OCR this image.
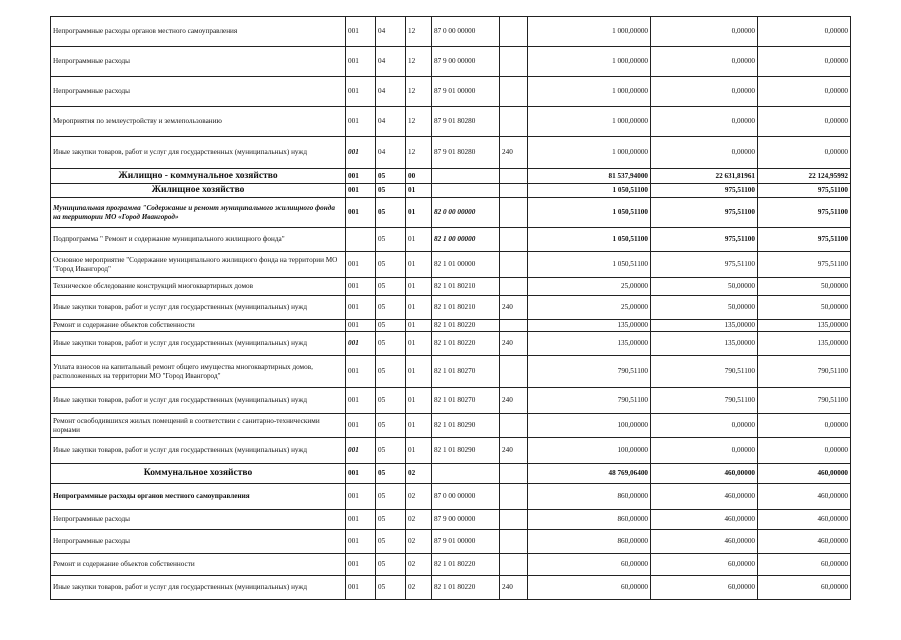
Непрограммные расходы органов местного самоуправления	001	04	12	87 0 00 00000		1 000,00000	0,00000	0,00000
Непрограммные расходы	001	04	12	87 9 00 00000		1 000,00000	0,00000	0,00000
Непрограммные расходы	001	04	12	87 9 01 00000		1 000,00000	0,00000	0,00000
Мероприятия по землеустройству и землепользованию	001	04	12	87 9 01 80280		1 000,00000	0,00000	0,00000
Иные закупки товаров, работ и услуг для государственных (муниципальных) нужд	001	04	12	87 9 01 80280	240	1 000,00000	0,00000	0,00000
Жилищно - коммунальное хозяйство	001	05	00			81 537,94000	22 631,81961	22 124,95992
Жилищное хозяйство	001	05	01			1 050,51100	975,51100	975,51100
Муниципальная программа "Содержание и ремонт муниципального жилищного фонда на территории МО «Город Ивангород»	001	05	01	82 0 00 00000		1 050,51100	975,51100	975,51100
Подпрограмма " Ремонт и содержание муниципального жилищного фонда"		05	01	82 1 00 00000		1 050,51100	975,51100	975,51100
Основное мероприятие "Содержание муниципального жилищного фонда на территории МО "Город Ивангород"	001	05	01	82 1 01 00000		1 050,51100	975,51100	975,51100
Техническое обследование конструкций многоквартирных домов	001	05	01	82 1 01 80210		25,00000	50,00000	50,00000
Иные закупки товаров, работ и услуг для государственных (муниципальных) нужд	001	05	01	82 1 01 80210	240	25,00000	50,00000	50,00000
Ремонт и содержание объектов собственности	001	05	01	82 1 01 80220		135,00000	135,00000	135,00000
Иные закупки товаров, работ и услуг для государственных (муниципальных) нужд	001	05	01	82 1 01 80220	240	135,00000	135,00000	135,00000
Уплата взносов на капитальный ремонт общего имущества многоквартирных домов, расположенных на территории МО "Город Ивангород"	001	05	01	82 1 01 80270		790,51100	790,51100	790,51100
Иные закупки товаров, работ и услуг для государственных (муниципальных) нужд	001	05	01	82 1 01 80270	240	790,51100	790,51100	790,51100
Ремонт освободившихся жилых помещений в соответствии с санитарно-техническими нормами	001	05	01	82 1 01 80290		100,00000	0,00000	0,00000
Иные закупки товаров, работ и услуг для государственных (муниципальных) нужд	001	05	01	82 1 01 80290	240	100,00000	0,00000	0,00000
Коммунальное хозяйство	001	05	02			48 769,06400	460,00000	460,00000
Непрограммные расходы органов местного самоуправления	001	05	02	87 0 00 00000		860,00000	460,00000	460,00000
Непрограммные расходы	001	05	02	87 9 00 00000		860,00000	460,00000	460,00000
Непрограммные расходы	001	05	02	87 9 01 00000		860,00000	460,00000	460,00000
Ремонт и содержание объектов собственности	001	05	02	82 1 01 80220		60,00000	60,00000	60,00000
Иные закупки товаров, работ и услуг для государственных (муниципальных) нужд	001	05	02	82 1 01 80220	240	60,00000	60,00000	60,00000
